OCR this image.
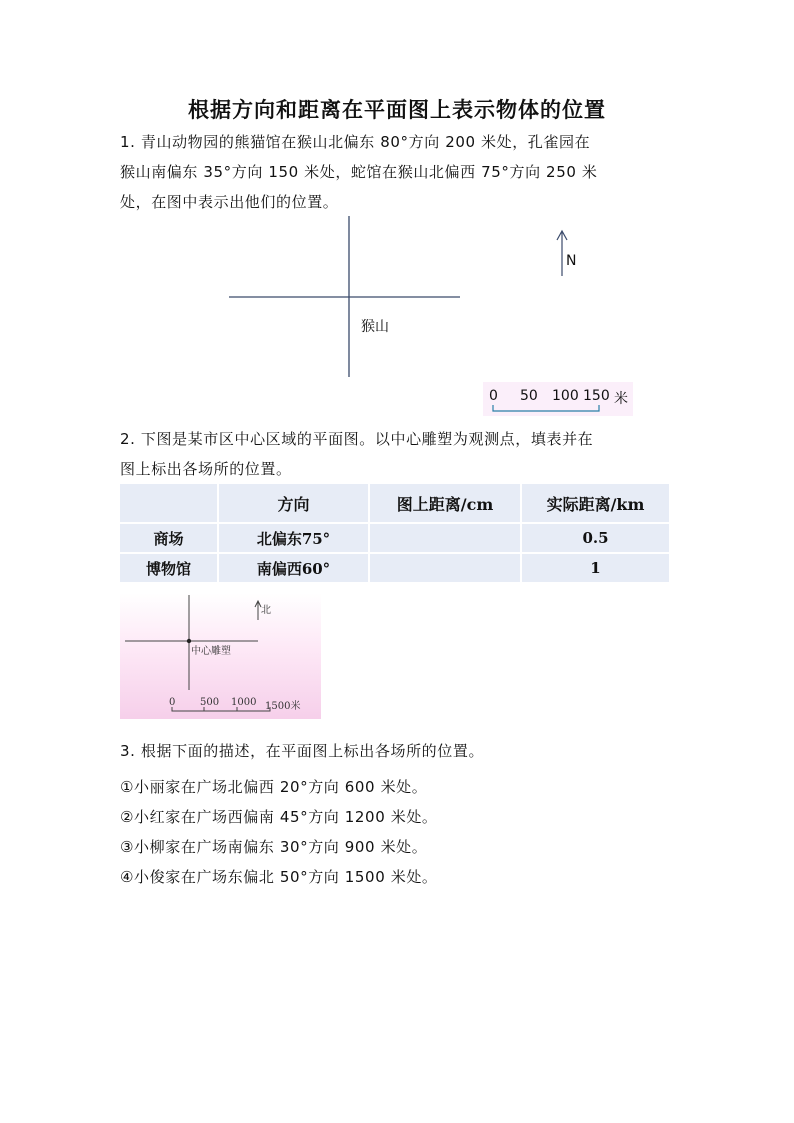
根据方向和距离在平面图上表示物体的位置
1. 青山动物园的熊猫馆在猴山北偏东 80°方向 200 米处，孔雀园在
猴山南偏东 35°方向 150 米处，蛇馆在猴山北偏西 75°方向 250 米
处，在图中表示出他们的位置。
猴山
N
0 50 100 150 米
2. 下图是某市区中心区域的平面图。以中心雕塑为观测点，填表并在
图上标出各场所的位置。
	方向	图上距离/cm	实际距离/km
商场	北偏东75°		0.5
博物馆	南偏西60°		1
中心雕塑
北
0 500 1000 1500米
3. 根据下面的描述，在平面图上标出各场所的位置。
①小丽家在广场北偏西 20°方向 600 米处。
②小红家在广场西偏南 45°方向 1200 米处。
③小柳家在广场南偏东 30°方向 900 米处。
④小俊家在广场东偏北 50°方向 1500 米处。
